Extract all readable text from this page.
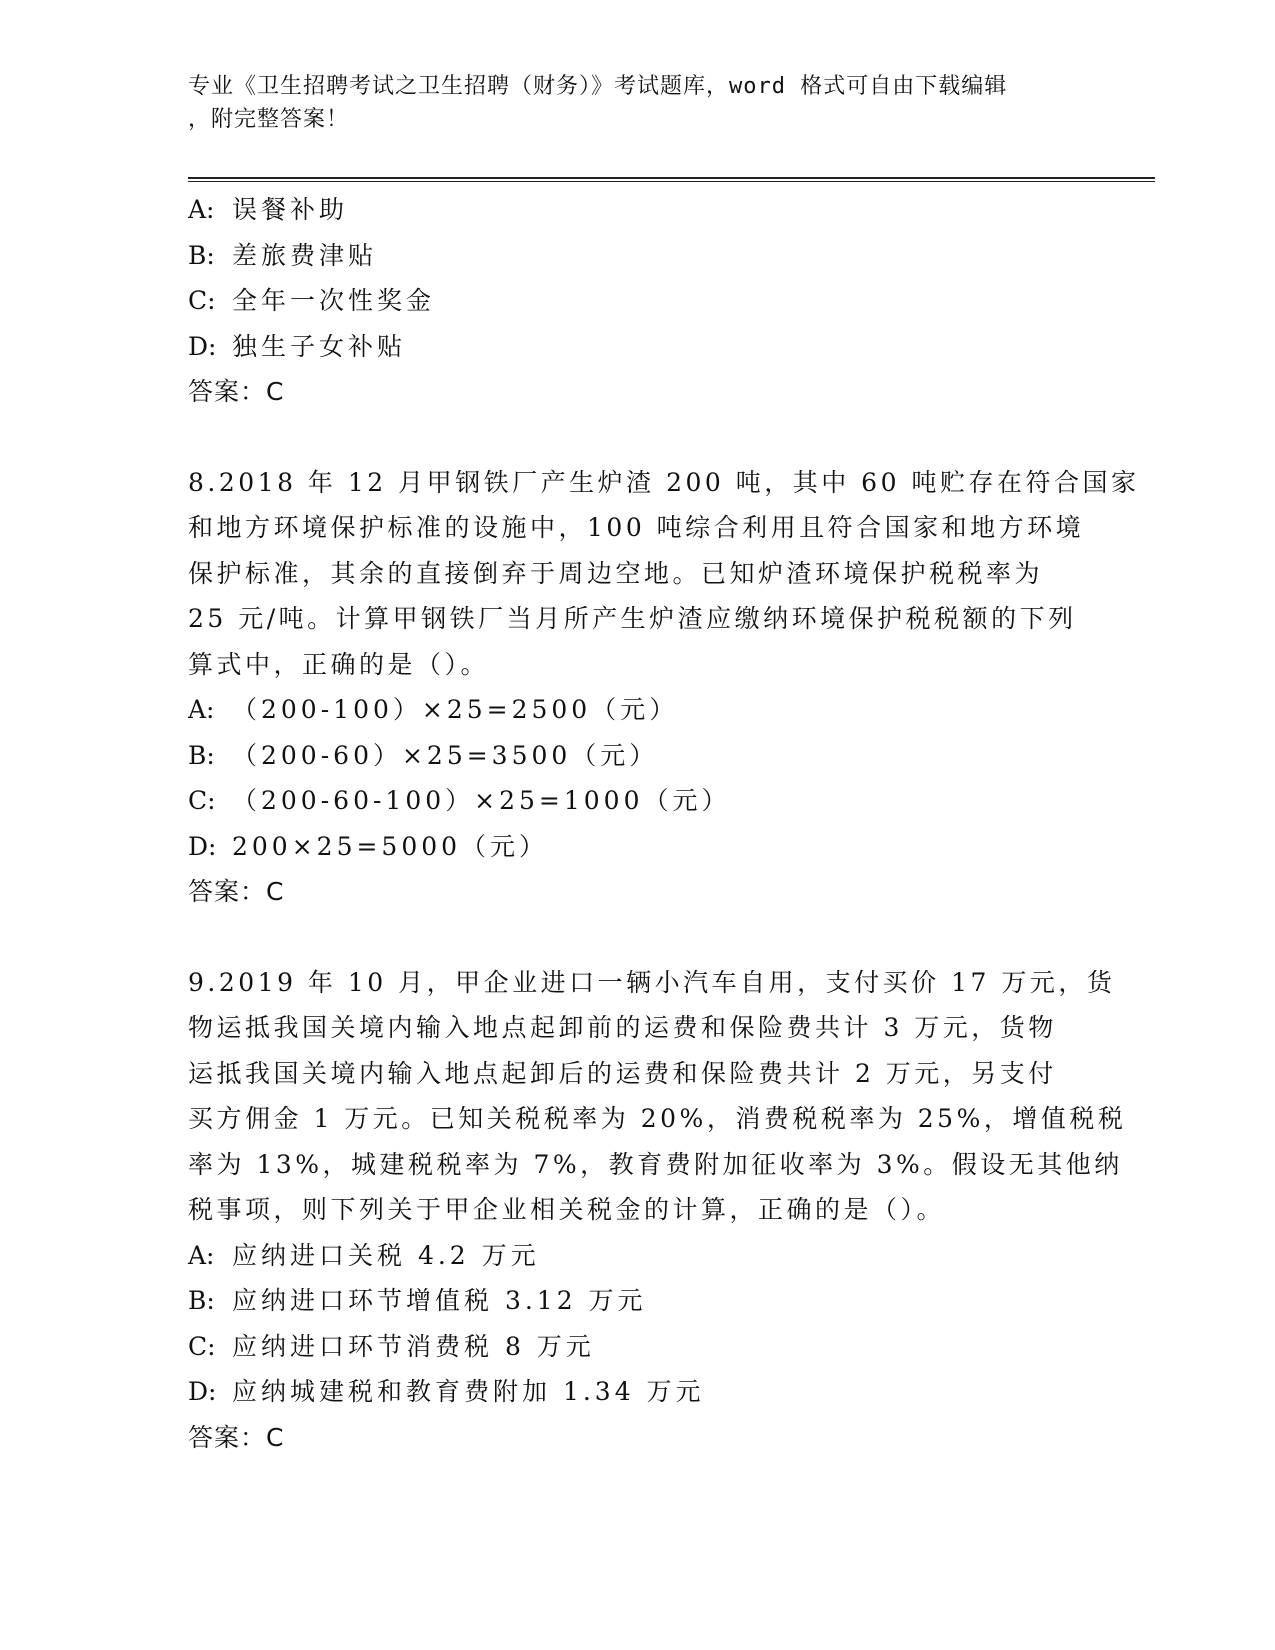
专业《卫生招聘考试之卫生招聘（财务）》考试题库，word 格式可自由下载编辑
，附完整答案！
A: 误餐补助
B: 差旅费津贴
C: 全年一次性奖金
D: 独生子女补贴
答案：C
8.2018 年 12 月甲钢铁厂产生炉渣 200 吨，其中 60 吨贮存在符合国家
和地方环境保护标准的设施中，100 吨综合利用且符合国家和地方环境
保护标准，其余的直接倒弃于周边空地。已知炉渣环境保护税税率为
25 元/吨。计算甲钢铁厂当月所产生炉渣应缴纳环境保护税税额的下列
算式中，正确的是（）。
A: （200-100）×25=2500（元）
B: （200-60）×25=3500（元）
C: （200-60-100）×25=1000（元）
D: 200×25=5000（元）
答案：C
9.2019 年 10 月，甲企业进口一辆小汽车自用，支付买价 17 万元，货
物运抵我国关境内输入地点起卸前的运费和保险费共计 3 万元，货物
运抵我国关境内输入地点起卸后的运费和保险费共计 2 万元，另支付
买方佣金 1 万元。已知关税税率为 20%，消费税税率为 25%，增值税税
率为 13%，城建税税率为 7%，教育费附加征收率为 3%。假设无其他纳
税事项，则下列关于甲企业相关税金的计算，正确的是（）。
A: 应纳进口关税 4.2 万元
B: 应纳进口环节增值税 3.12 万元
C: 应纳进口环节消费税 8 万元
D: 应纳城建税和教育费附加 1.34 万元
答案：C
